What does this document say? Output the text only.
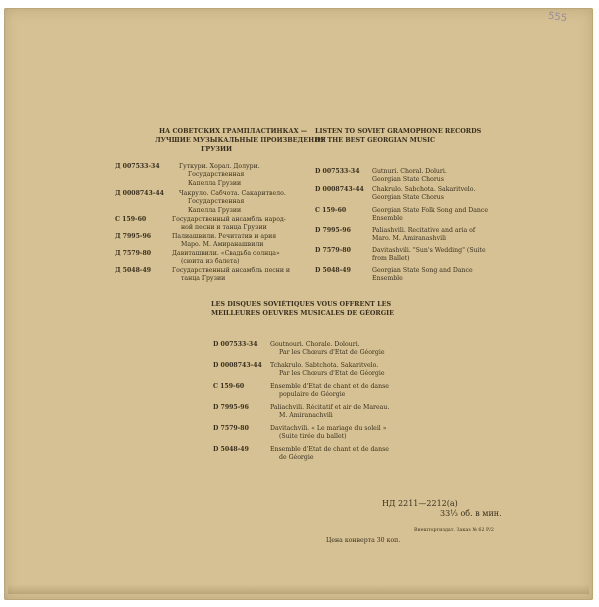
555
НА СОВЕТСКИХ ГРАМПЛАСТИНКАХ —
ЛУЧШИЕ МУЗЫКАЛЬНЫЕ ПРОИЗВЕДЕНИЯ
ГРУЗИИ
Д 007533-34	Гуткури. Хорал. Долури.
Государственная
Капелла Грузии
Д 0008743-44 Чакруло. Сабчота. Сакаритвело.
Государственная
Капелла Грузии
С 159-60	Государственный ансамбль народ-
ной песни и танца Грузии
Д 7995-96	Палиашвили. Речитатив и ария
Маро. М. Амиранашвили
Д 7579-80	Давиташвили. «Свадьба солнца»
(сюита из балета)
Д 5048-49	Государственный ансамбль песни и
танца Грузии
LISTEN TO SOVIET GRAMOPHONE RECORDS
OF THE BEST GEORGIAN MUSIC
D 007533-34 Gutnuri. Choral. Doluri.
Georgian State Chorus
D 0008743-44 Chakrulo. Sabchota. Sakaritvelo.
Georgian State Chorus
C 159-60	Georgian State Folk Song and Dance
Ensemble
D 7995-96	Paliashvili. Recitative and aria of
Maro. M. Amiranashvili
D 7579-80	Davitashvili. "Sun's Wedding" (Suite
from Ballet)
D 5048-49	Georgian State Song and Dance
Ensemble
LES DISQUES SOVIÉTIQUES VOUS OFFRENT LES
MEILLEURES OEUVRES MUSICALES DE GÉORGIE
D 007533-34 Goutnouri. Chorale. Dolouri.
Par les Chœurs d'Etat de Géorgie
D 0008743-44 Tchakrulo. Sabtchota. Sakaritvelo.
Par les Chœurs d'Etat de Géorgie
C 159-60	Ensemble d'Etat de chant et de danse
populaire de Géorgie
D 7995-96	Paliachvili. Récitatif et air de Mareau.
M. Amiranachvili
D 7579-80	Davitachvili. « Le mariage du soleil »
(Suite tirée du ballet)
D 5048-49	Ensemble d'Etat de chant et de danse
de Géorgie
НД 2211—2212(а)
33⅓ об. в мин.
Внешторгиздат. Заказ № 62 Р/2
Цена конверта 30 коп.
